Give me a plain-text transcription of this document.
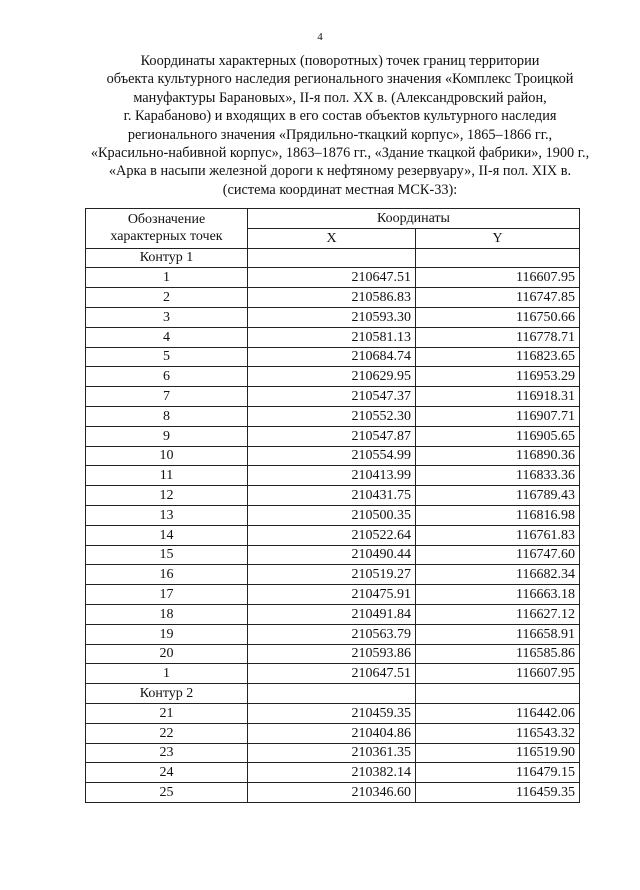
4
Координаты характерных (поворотных) точек границ территории
объекта культурного наследия регионального значения «Комплекс Троицкой
мануфактуры Барановых», II-я пол. XX в. (Александровский район,
г. Карабаново) и входящих в его состав объектов культурного наследия
регионального значения «Прядильно-ткацкий корпус», 1865–1866 гг.,
«Красильно-набивной корпус», 1863–1876 гг., «Здание ткацкой фабрики», 1900 г.,
«Арка в насыпи железной дороги к нефтяному резервуару», II-я пол. XIX в.
(система координат местная МСК-33):
Обозначение
характерных точек	Координаты	
	X	Y
Контур 1		
1	210647.51	116607.95
2	210586.83	116747.85
3	210593.30	116750.66
4	210581.13	116778.71
5	210684.74	116823.65
6	210629.95	116953.29
7	210547.37	116918.31
8	210552.30	116907.71
9	210547.87	116905.65
10	210554.99	116890.36
11	210413.99	116833.36
12	210431.75	116789.43
13	210500.35	116816.98
14	210522.64	116761.83
15	210490.44	116747.60
16	210519.27	116682.34
17	210475.91	116663.18
18	210491.84	116627.12
19	210563.79	116658.91
20	210593.86	116585.86
1	210647.51	116607.95
Контур 2		
21	210459.35	116442.06
22	210404.86	116543.32
23	210361.35	116519.90
24	210382.14	116479.15
25	210346.60	116459.35
